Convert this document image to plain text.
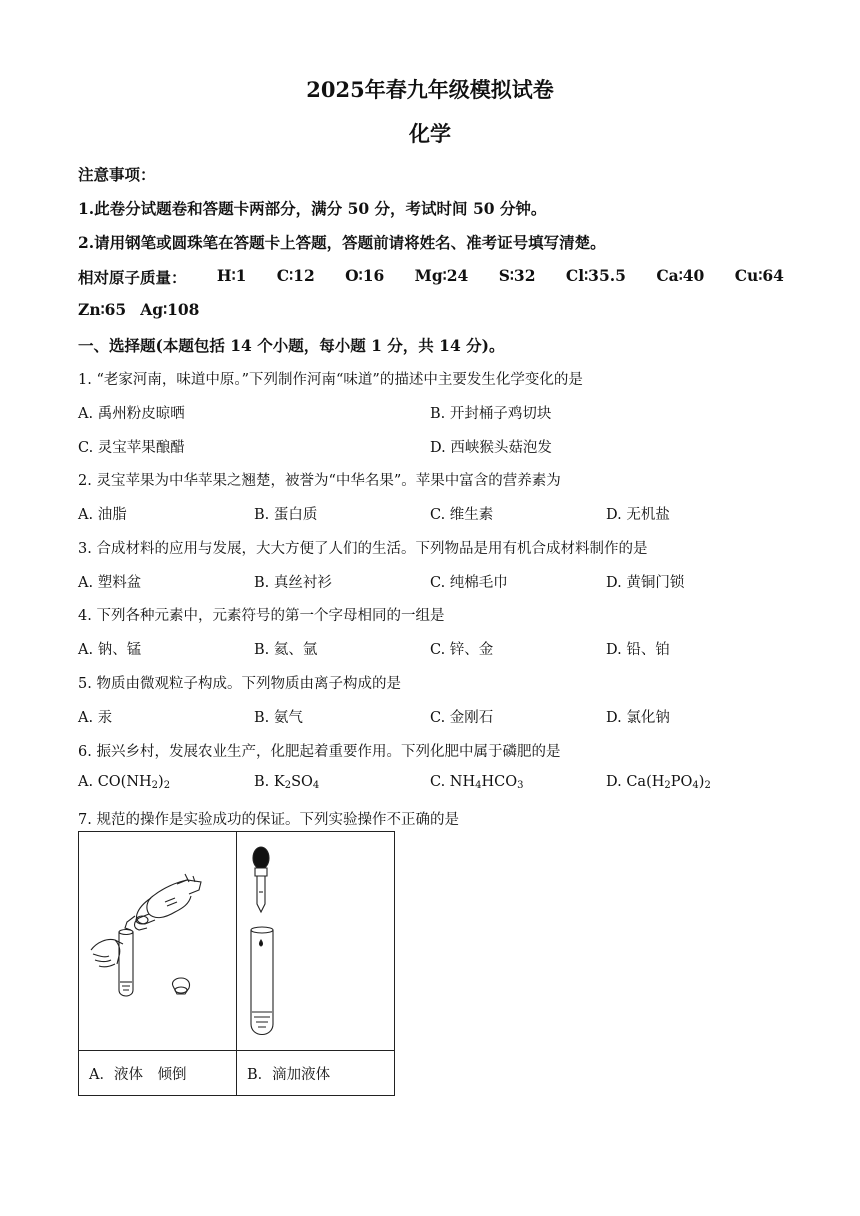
2025年春九年级模拟试卷
化学
注意事项：
1.此卷分试题卷和答题卡两部分，满分 50 分，考试时间 50 分钟。
2.请用钢笔或圆珠笔在答题卡上答题，答题前请将姓名、准考证号填写清楚。
相对原子质量： H∶1 C∶12 O∶16 Mg∶24 S∶32 Cl∶35.5 Ca∶40 Cu∶64
Zn∶65 Ag∶108
一、选择题(本题包括 14 个小题，每小题 1 分，共 14 分)。
1. “老家河南，味道中原。”下列制作河南“味道”的描述中主要发生化学变化的是
A. 禹州粉皮晾晒	B. 开封桶子鸡切块
C. 灵宝苹果酿醋	D. 西峡猴头菇泡发
2. 灵宝苹果为中华苹果之翘楚，被誉为“中华名果”。苹果中富含的营养素为
A. 油脂	B. 蛋白质	C. 维生素	D. 无机盐
3. 合成材料的应用与发展，大大方便了人们的生活。下列物品是用有机合成材料制作的是
A. 塑料盆	B. 真丝衬衫	C. 纯棉毛巾	D. 黄铜门锁
4. 下列各种元素中，元素符号的第一个字母相同的一组是
A. 钠、锰	B. 氦、氩	C. 锌、金	D. 铅、铂
5. 物质由微观粒子构成。下列物质由离子构成的是
A. 汞	B. 氨气	C. 金刚石	D. 氯化钠
6. 振兴乡村，发展农业生产，化肥起着重要作用。下列化肥中属于磷肥的是
A. $CO(NH_2)_2$	B. $K_2SO_4$	C. $NH_4HCO_3$	D. $Ca(H_2PO_4)_2$
7. 规范的操作是实验成功的保证。下列实验操作不正确的是

A．液体　倾倒	B．滴加液体
